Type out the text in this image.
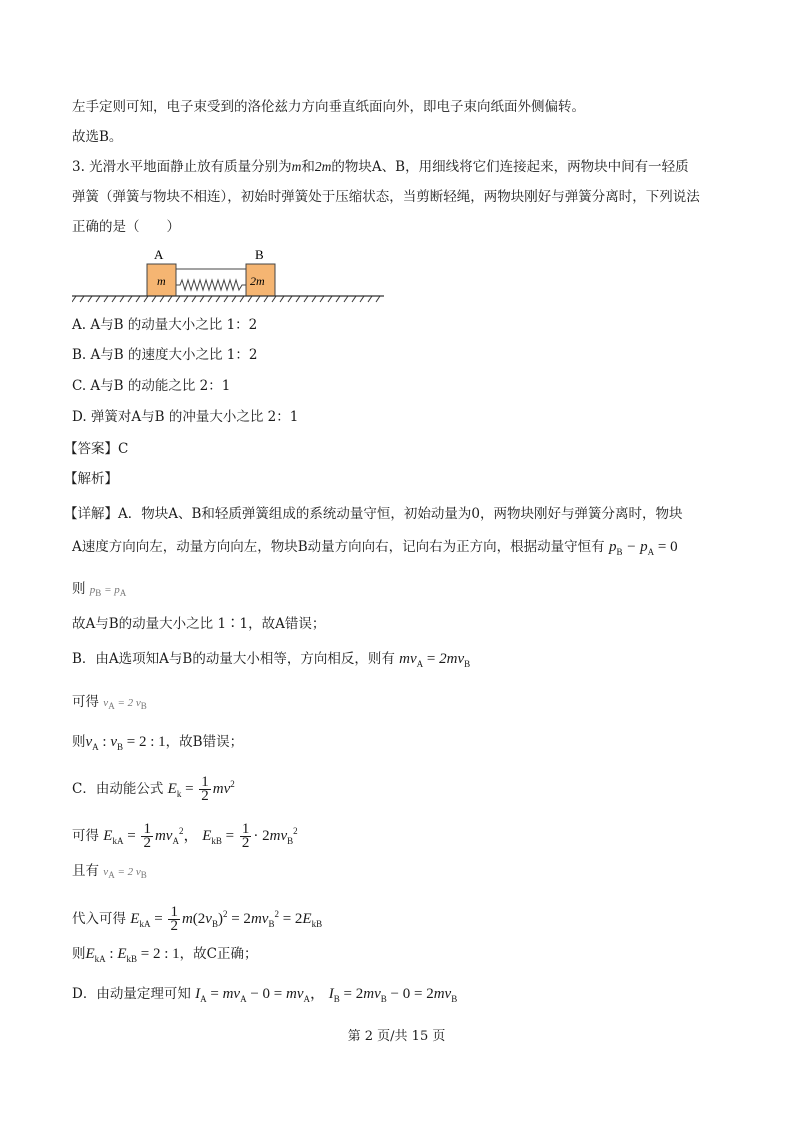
左手定则可知，电子束受到的洛伦兹力方向垂直纸面向外，即电子束向纸面外侧偏转。
故选B。
3. 光滑水平地面静止放有质量分别为m和2m的物块A、B，用细线将它们连接起来，两物块中间有一轻质
弹簧（弹簧与物块不相连），初始时弹簧处于压缩状态，当剪断轻绳，两物块刚好与弹簧分离时，下列说法
正确的是（　　）
A	B
m	2m
A. A与B 的动量大小之比 1：2
B. A与B 的速度大小之比 1：2
C. A与B 的动能之比 2：1
D. 弹簧对A与B 的冲量大小之比 2：1
【答案】C
【解析】
【详解】A．物块A、B和轻质弹簧组成的系统动量守恒，初始动量为0，两物块刚好与弹簧分离时，物块
A速度方向向左，动量方向向左，物块B动量方向向右，记向右为正方向，根据动量守恒有 $p_B - p_A = 0$
则 $p_B = p_A$
故A与B的动量大小之比 1∶1，故A错误；
B．由A选项知A与B的动量大小相等，方向相反，则有 $mv_A = 2mv_B$
可得 $v_A = 2$ $v_B$
则$v_A$ : $v_B = 2$ : 1，故B错误；
C．由动能公式 $E_k = \frac{1}{2} mv^2$
可得 $E_{kA} = \frac{1}{2} mv_A^2$， $E_{kB} = \frac{1}{2} \cdot 2mv_B^2$
且有 $v_A = 2$ $v_B$
代入可得 $E_{kA} = \frac{1}{2} m(2v_B)^2 = 2mv_B^2 = 2E_{kB}$
则$E_{kA}$ : $E_{kB} = 2$ : 1，故C正确；
D．由动量定理可知 $I_A = mv_A - 0 = mv_A$， $I_B = 2mv_B - 0 = 2mv_B$
第 2 页/共 15 页
